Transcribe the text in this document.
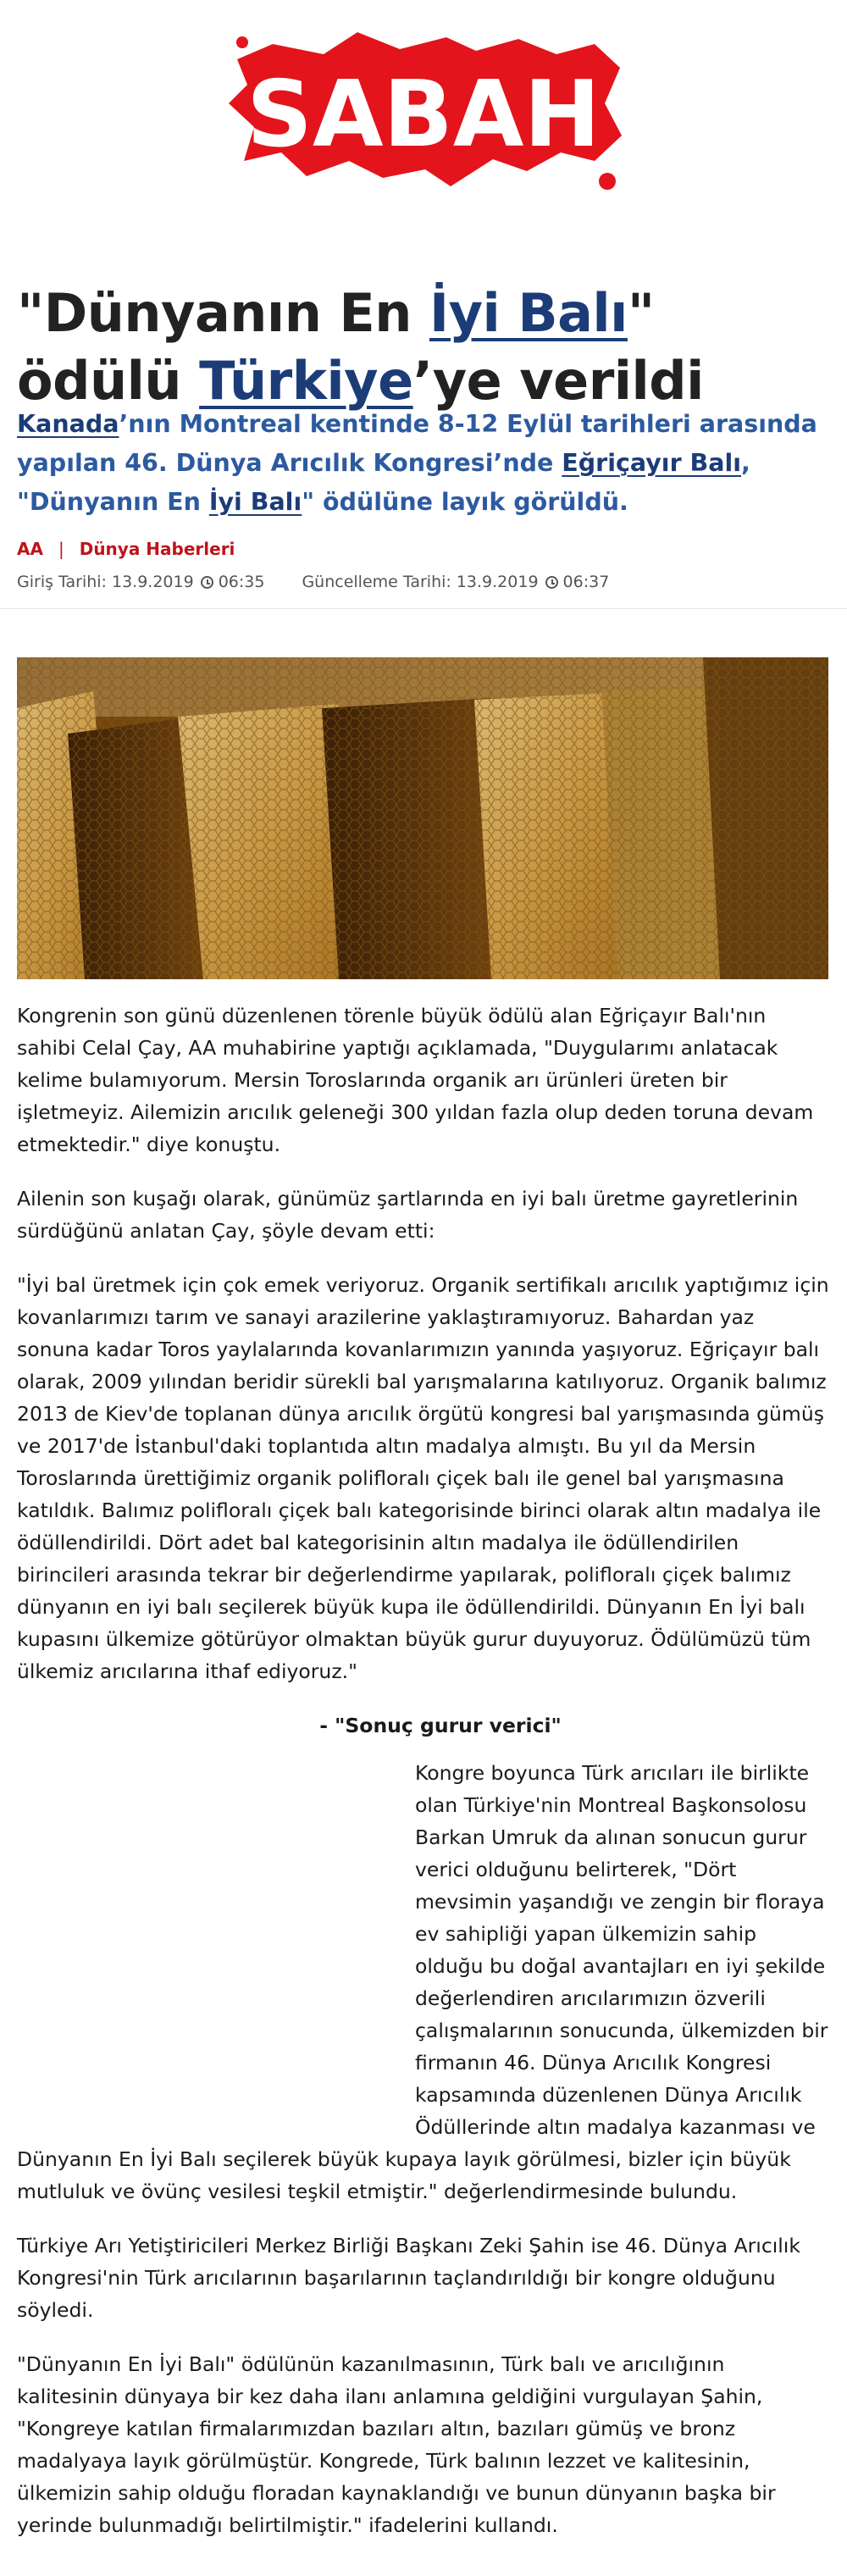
SABAH
"Dünyanın En İyi Balı" ödülü Türkiye’ye verildi

Kanada’nın Montreal kentinde 8-12 Eylül tarihleri arasında yapılan 46. Dünya Arıcılık Kongresi’nde Eğriçayır Balı, "Dünyanın En İyi Balı" ödülüne layık görüldü.

AA | Dünya Haberleri
Giriş Tarihi: 13.9.2019 06:35 Güncelleme Tarihi: 13.9.2019 06:37

Kongrenin son günü düzenlenen törenle büyük ödülü alan Eğriçayır Balı'nın sahibi Celal Çay, AA muhabirine yaptığı açıklamada, "Duygularımı anlatacak kelime bulamıyorum. Mersin Toroslarında organik arı ürünleri üreten bir işletmeyiz. Ailemizin arıcılık geleneği 300 yıldan fazla olup deden toruna devam etmektedir." diye konuştu.

Ailenin son kuşağı olarak, günümüz şartlarında en iyi balı üretme gayretlerinin sürdüğünü anlatan Çay, şöyle devam etti:

"İyi bal üretmek için çok emek veriyoruz. Organik sertifikalı arıcılık yaptığımız için kovanlarımızı tarım ve sanayi arazilerine yaklaştıramıyoruz. Bahardan yaz sonuna kadar Toros yaylalarında kovanlarımızın yanında yaşıyoruz. Eğriçayır balı olarak, 2009 yılından beridir sürekli bal yarışmalarına katılıyoruz. Organik balımız 2013 de Kiev'de toplanan dünya arıcılık örgütü kongresi bal yarışmasında gümüş ve 2017'de İstanbul'daki toplantıda altın madalya almıştı. Bu yıl da Mersin Toroslarında ürettiğimiz organik polifloralı çiçek balı ile genel bal yarışmasına katıldık. Balımız polifloralı çiçek balı kategorisinde birinci olarak altın madalya ile ödüllendirildi. Dört adet bal kategorisinin altın madalya ile ödüllendirilen birincileri arasında tekrar bir değerlendirme yapılarak, polifloralı çiçek balımız dünyanın en iyi balı seçilerek büyük kupa ile ödüllendirildi. Dünyanın En İyi balı kupasını ülkemize götürüyor olmaktan büyük gurur duyuyoruz. Ödülümüzü tüm ülkemiz arıcılarına ithaf ediyoruz."

- "Sonuç gurur verici"

Kongre boyunca Türk arıcıları ile birlikte olan Türkiye'nin Montreal Başkonsolosu Barkan Umruk da alınan sonucun gurur verici olduğunu belirterek, "Dört mevsimin yaşandığı ve zengin bir floraya ev sahipliği yapan ülkemizin sahip olduğu bu doğal avantajları en iyi şekilde değerlendiren arıcılarımızın özverili çalışmalarının sonucunda, ülkemizden bir firmanın 46. Dünya Arıcılık Kongresi kapsamında düzenlenen Dünya Arıcılık Ödüllerinde altın madalya kazanması ve Dünyanın En İyi Balı seçilerek büyük kupaya layık görülmesi, bizler için büyük mutluluk ve övünç vesilesi teşkil etmiştir." değerlendirmesinde bulundu.

Türkiye Arı Yetiştiricileri Merkez Birliği Başkanı Zeki Şahin ise 46. Dünya Arıcılık Kongresi'nin Türk arıcılarının başarılarının taçlandırıldığı bir kongre olduğunu söyledi.

"Dünyanın En İyi Balı" ödülünün kazanılmasının, Türk balı ve arıcılığının kalitesinin dünyaya bir kez daha ilanı anlamına geldiğini vurgulayan Şahin, "Kongreye katılan firmalarımızdan bazıları altın, bazıları gümüş ve bronz madalyaya layık görülmüştür. Kongrede, Türk balının lezzet ve kalitesinin, ülkemizin sahip olduğu floradan kaynaklandığı ve bunun dünyanın başka bir yerinde bulunmadığı belirtilmiştir." ifadelerini kullandı.
